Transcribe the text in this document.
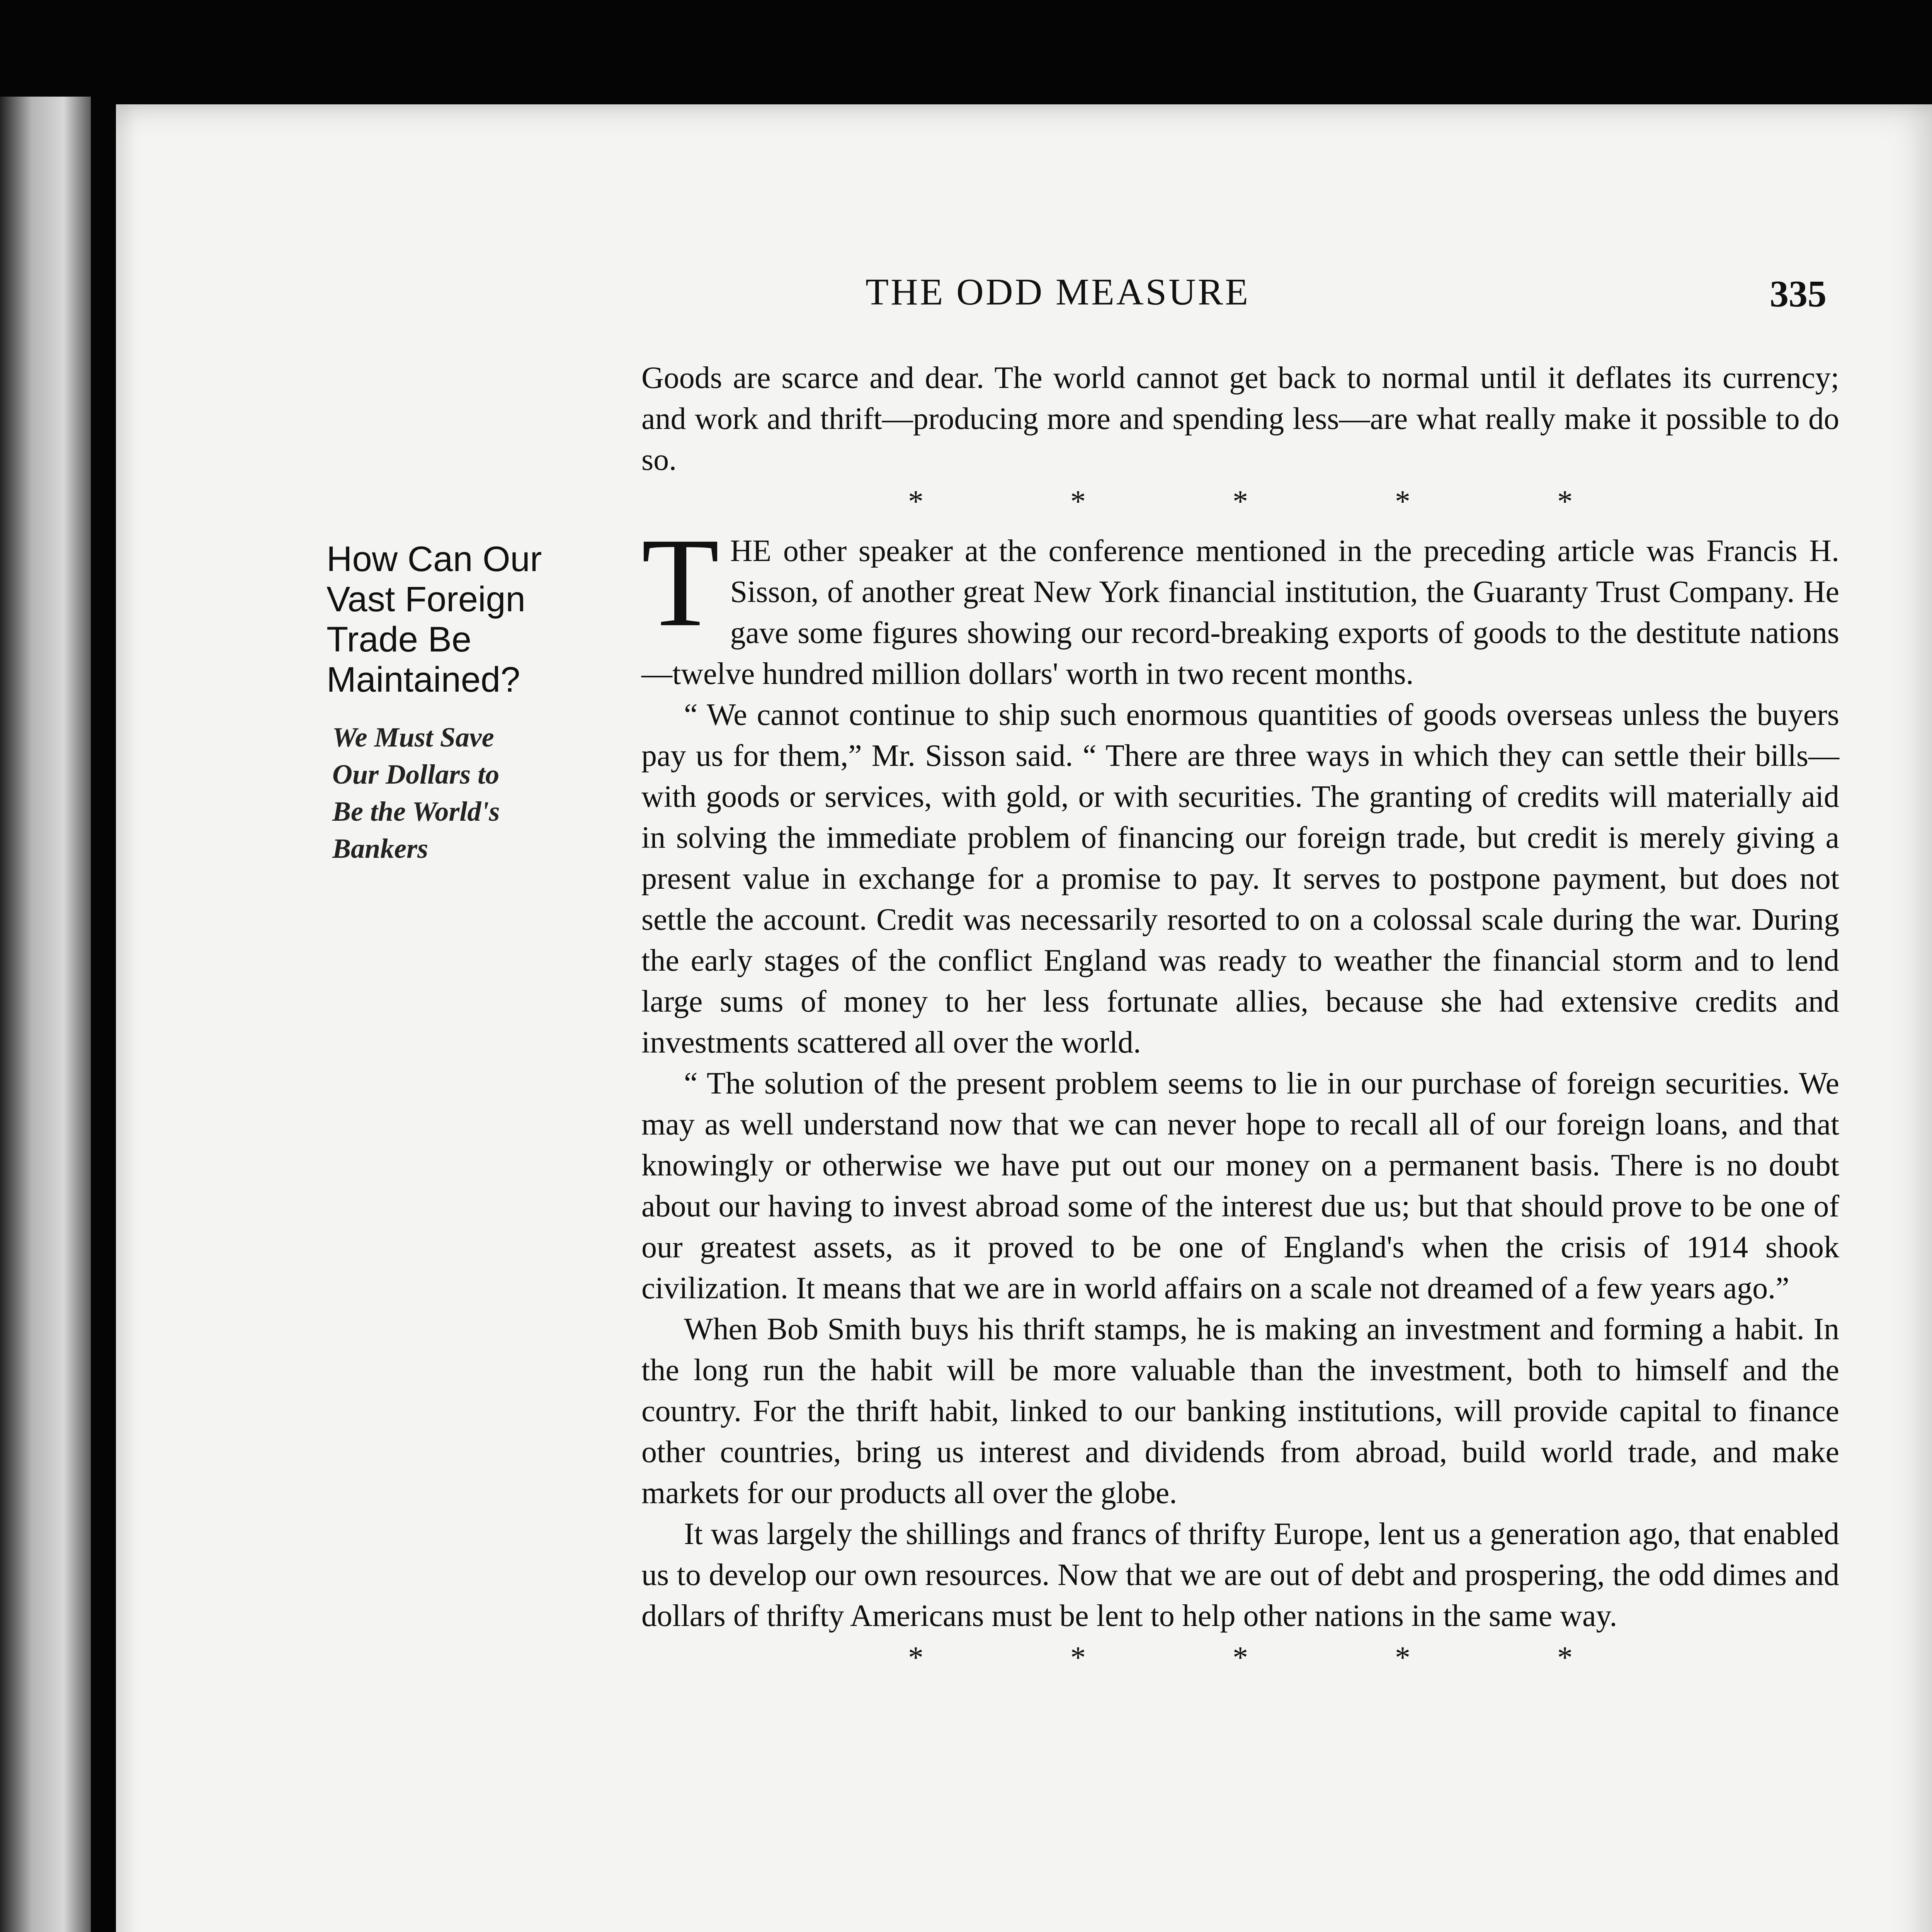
THE ODD MEASURE	335

Goods are scarce and dear. The world cannot get back to normal until it deflates its currency; and work and thrift—producing more and spending less—are what really make it possible to do so.

* * * * *

THE other speaker at the conference mentioned in the preceding article was Francis H. Sisson, of another great New York financial institution, the Guaranty Trust Company. He gave some figures showing our record-breaking exports of goods to the destitute nations—twelve hundred million dollars' worth in two recent months.

“ We cannot continue to ship such enormous quantities of goods overseas unless the buyers pay us for them,” Mr. Sisson said. “ There are three ways in which they can settle their bills—with goods or services, with gold, or with securities. The granting of credits will materially aid in solving the immediate problem of financing our foreign trade, but credit is merely giving a present value in exchange for a promise to pay. It serves to postpone payment, but does not settle the account. Credit was necessarily resorted to on a colossal scale during the war. During the early stages of the conflict England was ready to weather the financial storm and to lend large sums of money to her less fortunate allies, because she had extensive credits and investments scattered all over the world.

“ The solution of the present problem seems to lie in our purchase of foreign securities. We may as well understand now that we can never hope to recall all of our foreign loans, and that knowingly or otherwise we have put out our money on a permanent basis. There is no doubt about our having to invest abroad some of the interest due us; but that should prove to be one of our greatest assets, as it proved to be one of England's when the crisis of 1914 shook civilization. It means that we are in world affairs on a scale not dreamed of a few years ago.”

When Bob Smith buys his thrift stamps, he is making an investment and forming a habit. In the long run the habit will be more valuable than the investment, both to himself and the country. For the thrift habit, linked to our banking institutions, will provide capital to finance other countries, bring us interest and dividends from abroad, build world trade, and make markets for our products all over the globe.

It was largely the shillings and francs of thrifty Europe, lent us a generation ago, that enabled us to develop our own resources. Now that we are out of debt and prospering, the odd dimes and dollars of thrifty Americans must be lent to help other nations in the same way.

* * * * *

How Can Our
Vast Foreign
Trade Be
Maintained?
We Must Save
Our Dollars to
Be the World's
Bankers
